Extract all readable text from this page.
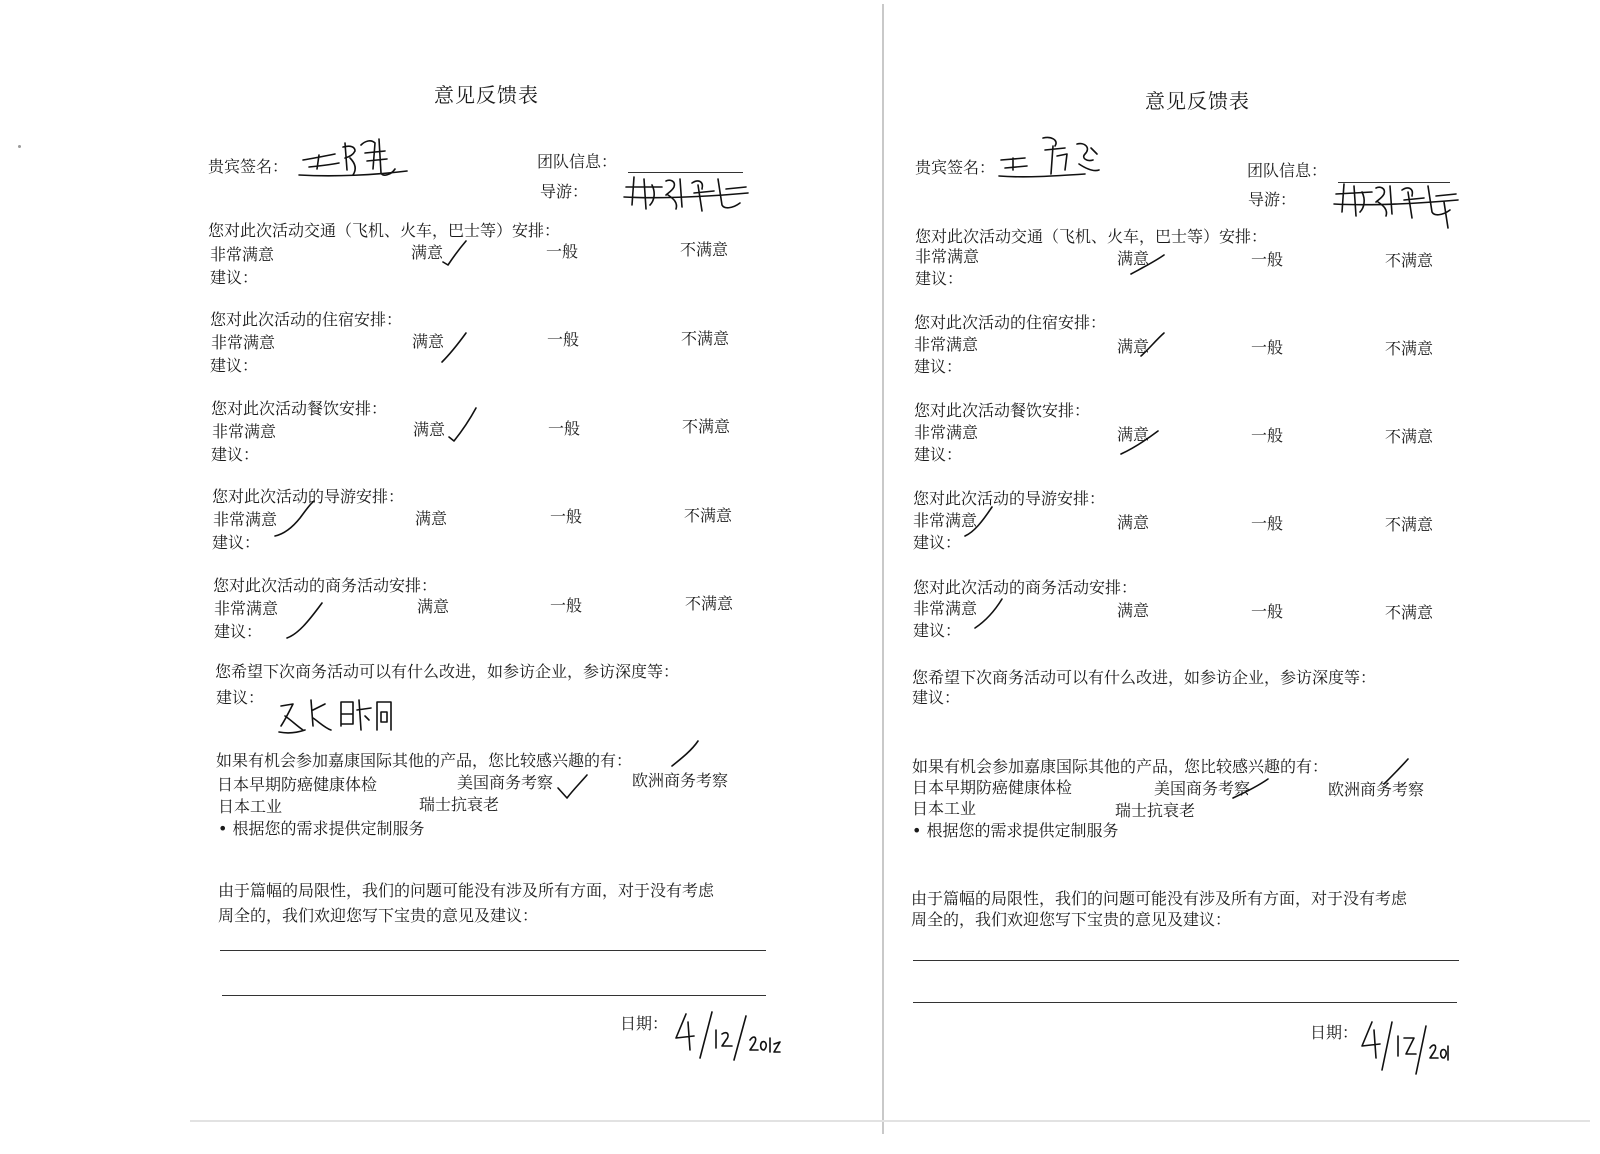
意见反馈表
贵宾签名：	团队信息：
导游：
您对此次活动交通（飞机、火车，巴士等）安排：
非常满意	满意	一般	不满意
建议：
您对此次活动的住宿安排：
非常满意	满意	一般	不满意
建议：
您对此次活动餐饮安排：
非常满意	满意	一般	不满意
建议：
您对此次活动的导游安排：
非常满意	满意	一般	不满意
建议：
您对此次活动的商务活动安排：
非常满意	满意	一般	不满意
建议：
您希望下次商务活动可以有什么改进，如参访企业，参访深度等：
建议：
如果有机会参加嘉康国际其他的产品，您比较感兴趣的有：
日本早期防癌健康体检	美国商务考察	欧洲商务考察
日本工业	瑞士抗衰老
• 根据您的需求提供定制服务
由于篇幅的局限性，我们的问题可能没有涉及所有方面，对于没有考虑
周全的，我们欢迎您写下宝贵的意见及建议：
日期：
意见反馈表
贵宾签名：	团队信息：
导游：
您对此次活动交通（飞机、火车，巴士等）安排：
非常满意	满意	一般	不满意
建议：
您对此次活动的住宿安排：
非常满意	满意	一般	不满意
建议：
您对此次活动餐饮安排：
非常满意	满意	一般	不满意
建议：
您对此次活动的导游安排：
非常满意	满意	一般	不满意
建议：
您对此次活动的商务活动安排：
非常满意	满意	一般	不满意
建议：
您希望下次商务活动可以有什么改进，如参访企业，参访深度等：
建议：
如果有机会参加嘉康国际其他的产品，您比较感兴趣的有：
日本早期防癌健康体检	美国商务考察	欧洲商务考察
日本工业	瑞士抗衰老
• 根据您的需求提供定制服务
由于篇幅的局限性，我们的问题可能没有涉及所有方面，对于没有考虑
周全的，我们欢迎您写下宝贵的意见及建议：
日期：
